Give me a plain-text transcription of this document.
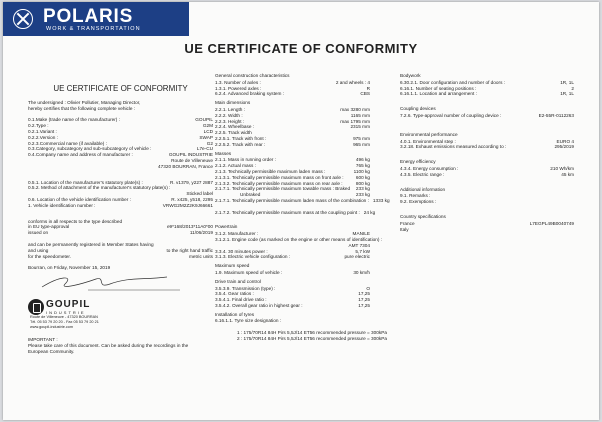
POLARIS
WORK & TRANSPORTATION
UE CERTIFICATE OF CONFORMITY
UE CERTIFICATE OF CONFORMITY
The undersigned : Olivier Pollutier, Managing Director,
hereby certifies that the following complete vehicle :
0.1.Make (trade name of the manufacturer) :	GOUPIL
0.2.Type :	G2M
0.2.1.Variant :	LCD
0.2.2.Version :	SWAP
0.2.3.Commercial name (if available) :	G2
0.3.Category, subcategory and sub-subcategory of vehicle :	L7e-CU
0.4.Company name and address of manufacturer :	GOUPIL INDUSTRIE
Route de Villeneuve
47320 BOURRAN, France
0.5.1. Location of the manufacturer's statutory plate(s) :	R. v1379, y227 z887
0.5.2. Method of attachment of the manufacturer's statutory plate(s) :
Sticked label
0.6. Location of the vehicle identification number :	R. x425, y518, z295
1. Vehicle identification number :	VRWG2M2Z2K9J66661
conforms in all respects to the type described
in EU type-approval	e9*168/2013*11A0*00
issued on	11/06/2019
and can be permanently registered in Member States having
and using	to the right hand traffic
for the speedometer.	metric units
Bourran, on Friday, November 15, 2019
GOUPIL
INDUSTRIE
Route de Villeneuve - 47320 BOURRAN
Tél. 05 53 79 20 20 - Fax 05 53 79 20 21
www.goupil-industrie.com
IMPORTANT :
Please take care of this document. Can be asked during the recordings in the
European Community.
General construction characteristics
1.3. Number of axles :	2 and wheels : 4
1.3.1. Powered axles :	R
6.2.4. Advanced braking system :	CBS
Main dimensions
2.2.1. Length :	max 3280 mm
2.2.2. Width :	1165 mm
2.2.3. Height :	max 1795 mm
2.2.4. Wheelbase :	2315 mm
2.2.5. Track width
2.2.5.1. Track with front :	975 mm
2.2.5.2. Track with rear :	965 mm
Masses
2.1.1. Mass in running order :	496 kg
2.1.2. Actual mass :	765 kg
2.1.3. Technically permissible maximum laden mass :	1100 kg
2.1.3.1. Technically permissible maximum mass on front axle :	600 kg
2.1.3.2. Technically permissible maximum mass on rear axle :	800 kg
2.1.7.1. Technically permissible maximum towable mass : Braked 233 kg
Unbraked	233 kg
2.1.7.1. Technically permissible maximum laden mass of the combination : 1333 kg
2.1.7.2. Technically permissible maximum mass at the coupling point : 24 kg
Powertrain
3.1.2. Manufacturer :	MANILE
3.1.2.1. Engine code (as marked on the engine or other means of identification) :
AMT 7304
3.3.4. 30 minutes power :	5,7 kW
3.1.3. Electric vehicle configuration :	pure electric
Maximum speed
1.9. Maximum speed of vehicle :	30 km/h
Drive train and control
3.5.3.9. Transmission (type) :	O
3.5.4. Gear ratios :	17,25
3.5.4.1. Final drive ratio :	17,25
3.5.4.2. Overall gear ratio in highest gear :	17,25
Installation of tyres
6.16.1.1. Tyre size designation :
1 : 175/70R14 84H Pirs 5,5J/14 ET56 recommended pressure = 300kPa
2 : 175/70R14 84H Pirs 5,5J/14 ET56 recommended pressure = 300kPa
Bodywork
6.30.2.1. Door configuration and number of doors :	1R, 1L
6.16.1. Number of seating positions :	2
6.16.1.1. Location and arrangement :	1R, 1L
Coupling devices
7.2.6. Type-approval number of coupling device :	E2-55R-0112263
Environmental performance
4.0.1. Environmental step :	EURO 4
3.2.18. Exhaust emissions measured according to :	295/2019
Energy efficiency
4.3.4. Energy consumption :	210 Wh/km
4.3.5. Electric range :	45 km
Additional information
9.1. Remarks :
9.2. Exemptions :
Country specifications
France	L7EGPL49B0040749
Italy
